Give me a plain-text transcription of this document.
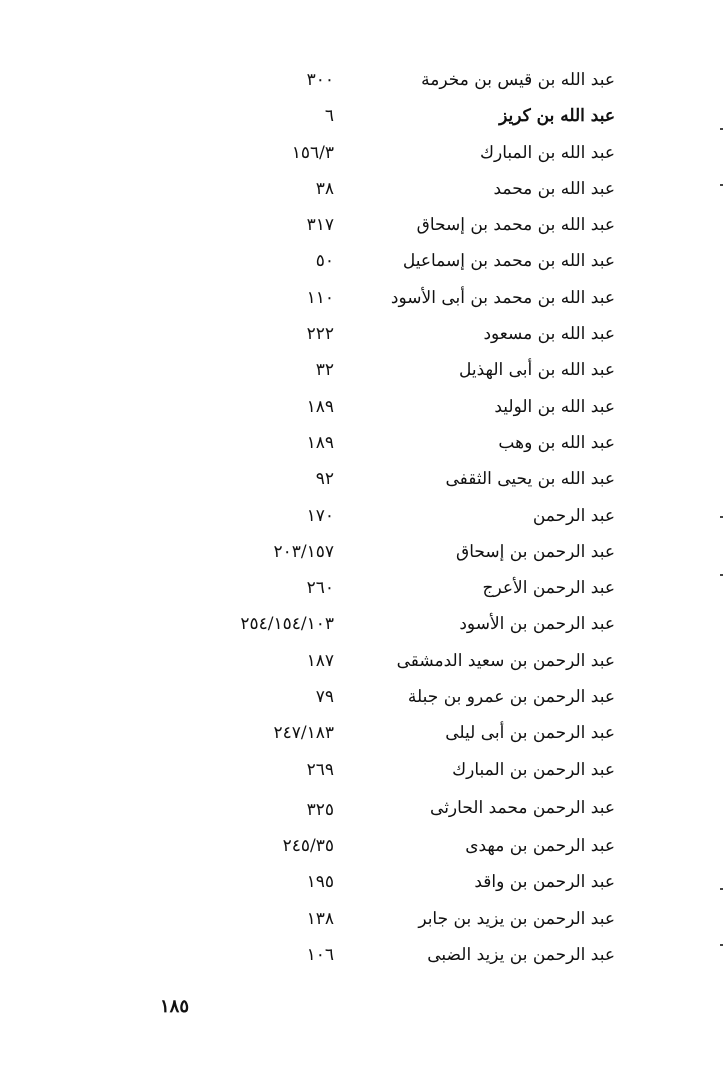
عبد الله بن قيس بن مخرمة
٣٠٠
عبد الله بن كريز
٦
عبد الله بن المبارك
١٥٦/٣
عبد الله بن محمد
٣٨
عبد الله بن محمد بن إسحاق
٣١٧
عبد الله بن محمد بن إسماعيل
٥٠
عبد الله بن محمد بن أبى الأسود
١١٠
عبد الله بن مسعود
٢٢٢
عبد الله بن أبى الهذيل
٣٢
عبد الله بن الوليد
١٨٩
عبد الله بن وهب
١٨٩
عبد الله بن يحيى الثقفى
٩٢
عبد الرحمن
١٧٠
عبد الرحمن بن إسحاق
٢٠٣/١٥٧
عبد الرحمن الأعرج
٢٦٠
عبد الرحمن بن الأسود
٢٥٤/١٥٤/١٠٣
عبد الرحمن بن سعيد الدمشقى
١٨٧
عبد الرحمن بن عمرو بن جبلة
٧٩
عبد الرحمن بن أبى ليلى
٢٤٧/١٨٣
عبد الرحمن بن المبارك
٢٦٩
عبد الرحمن محمد الحارثى
٣٢٥
عبد الرحمن بن مهدى
٢٤٥/٣٥
عبد الرحمن بن واقد
١٩٥
عبد الرحمن بن يزيد بن جابر
١٣٨
عبد الرحمن بن يزيد الضبى
١٠٦
١٨٥
